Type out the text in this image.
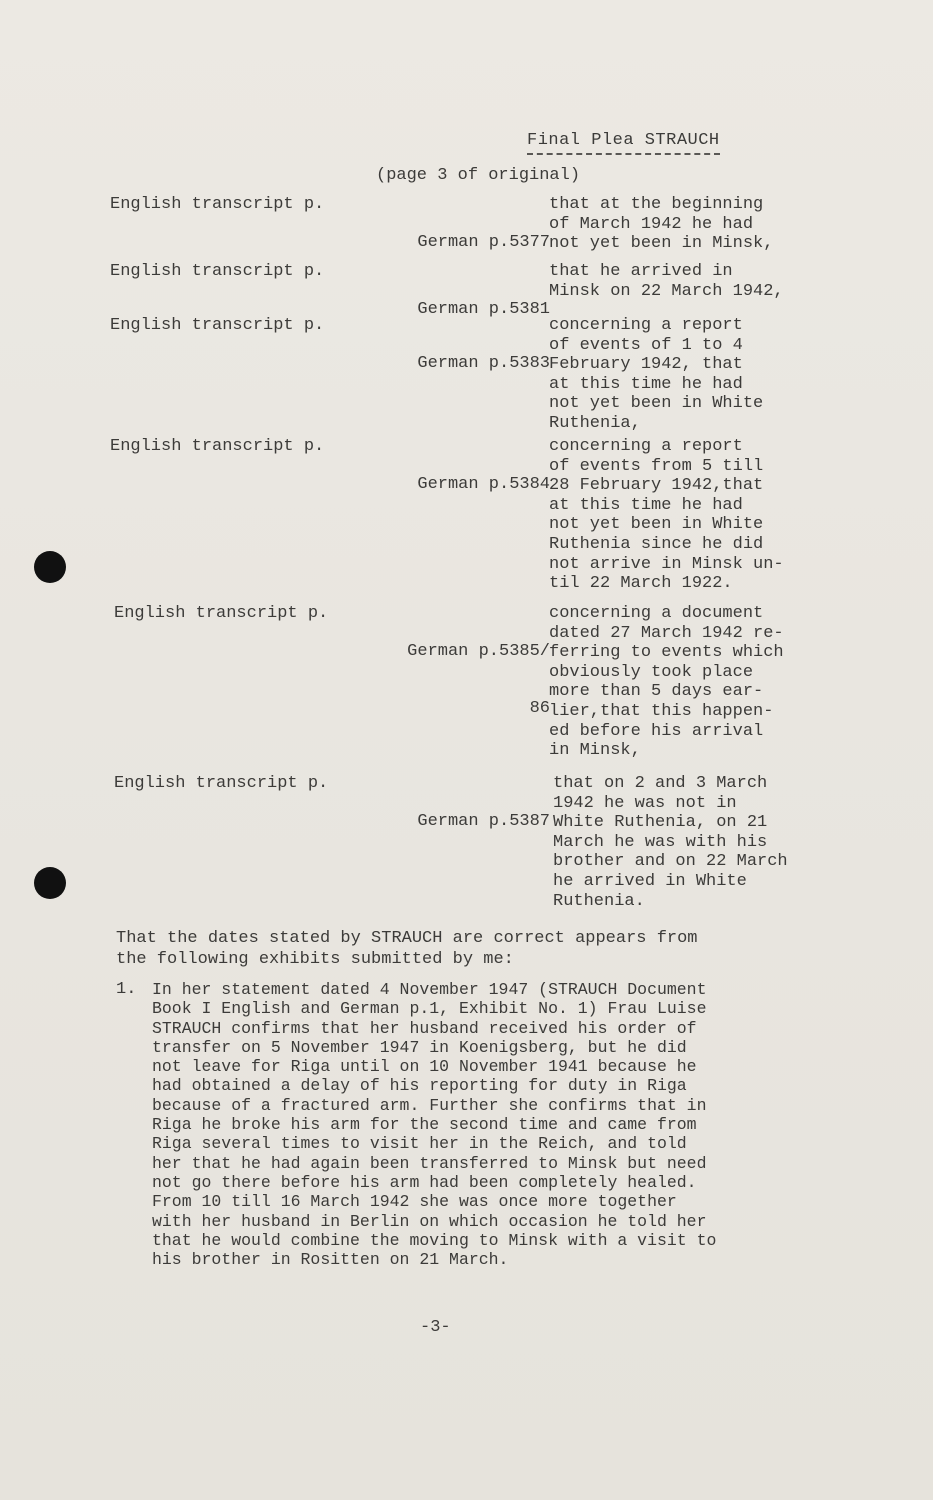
Final Plea STRAUCH
(page 3 of original)
English transcript p.

German p.5377

that at the beginning
of March 1942 he had
not yet been in Minsk,
English transcript p.

German p.5381

that he arrived in
Minsk on 22 March 1942,
English transcript p.

German p.5383

concerning a report
of events of 1 to 4
February 1942, that
at this time he had
not yet been in White
Ruthenia,
English transcript p.

German p.5384

concerning a report
of events from 5 till
28 February 1942,that
at this time he had
not yet been in White
Ruthenia since he did
not arrive in Minsk un-
til 22 March 1922.
English transcript p.

German p.5385/

86

concerning a document
dated 27 March 1942 re-
ferring to events which
obviously took place
more than 5 days ear-
lier,that this happen-
ed before his arrival
in Minsk,
English transcript p.

German p.5387

that on 2 and 3 March
1942 he was not in
White Ruthenia, on 21
March he was with his
brother and on 22 March
he arrived in White
Ruthenia.
That the dates stated by STRAUCH are correct appears from
the following exhibits submitted by me:
1. In her statement dated 4 November 1947 (STRAUCH Document
Book I English and German p.1, Exhibit No. 1) Frau Luise
STRAUCH confirms that her husband received his order of
transfer on 5 November 1947 in Koenigsberg, but he did
not leave for Riga until on 10 November 1941 because he
had obtained a delay of his reporting for duty in Riga
because of a fractured arm. Further she confirms that in
Riga he broke his arm for the second time and came from
Riga several times to visit her in the Reich, and told
her that he had again been transferred to Minsk but need
not go there before his arm had been completely healed.
From 10 till 16 March 1942 she was once more together
with her husband in Berlin on which occasion he told her
that he would combine the moving to Minsk with a visit to
his brother in Rositten on 21 March.
-3-
